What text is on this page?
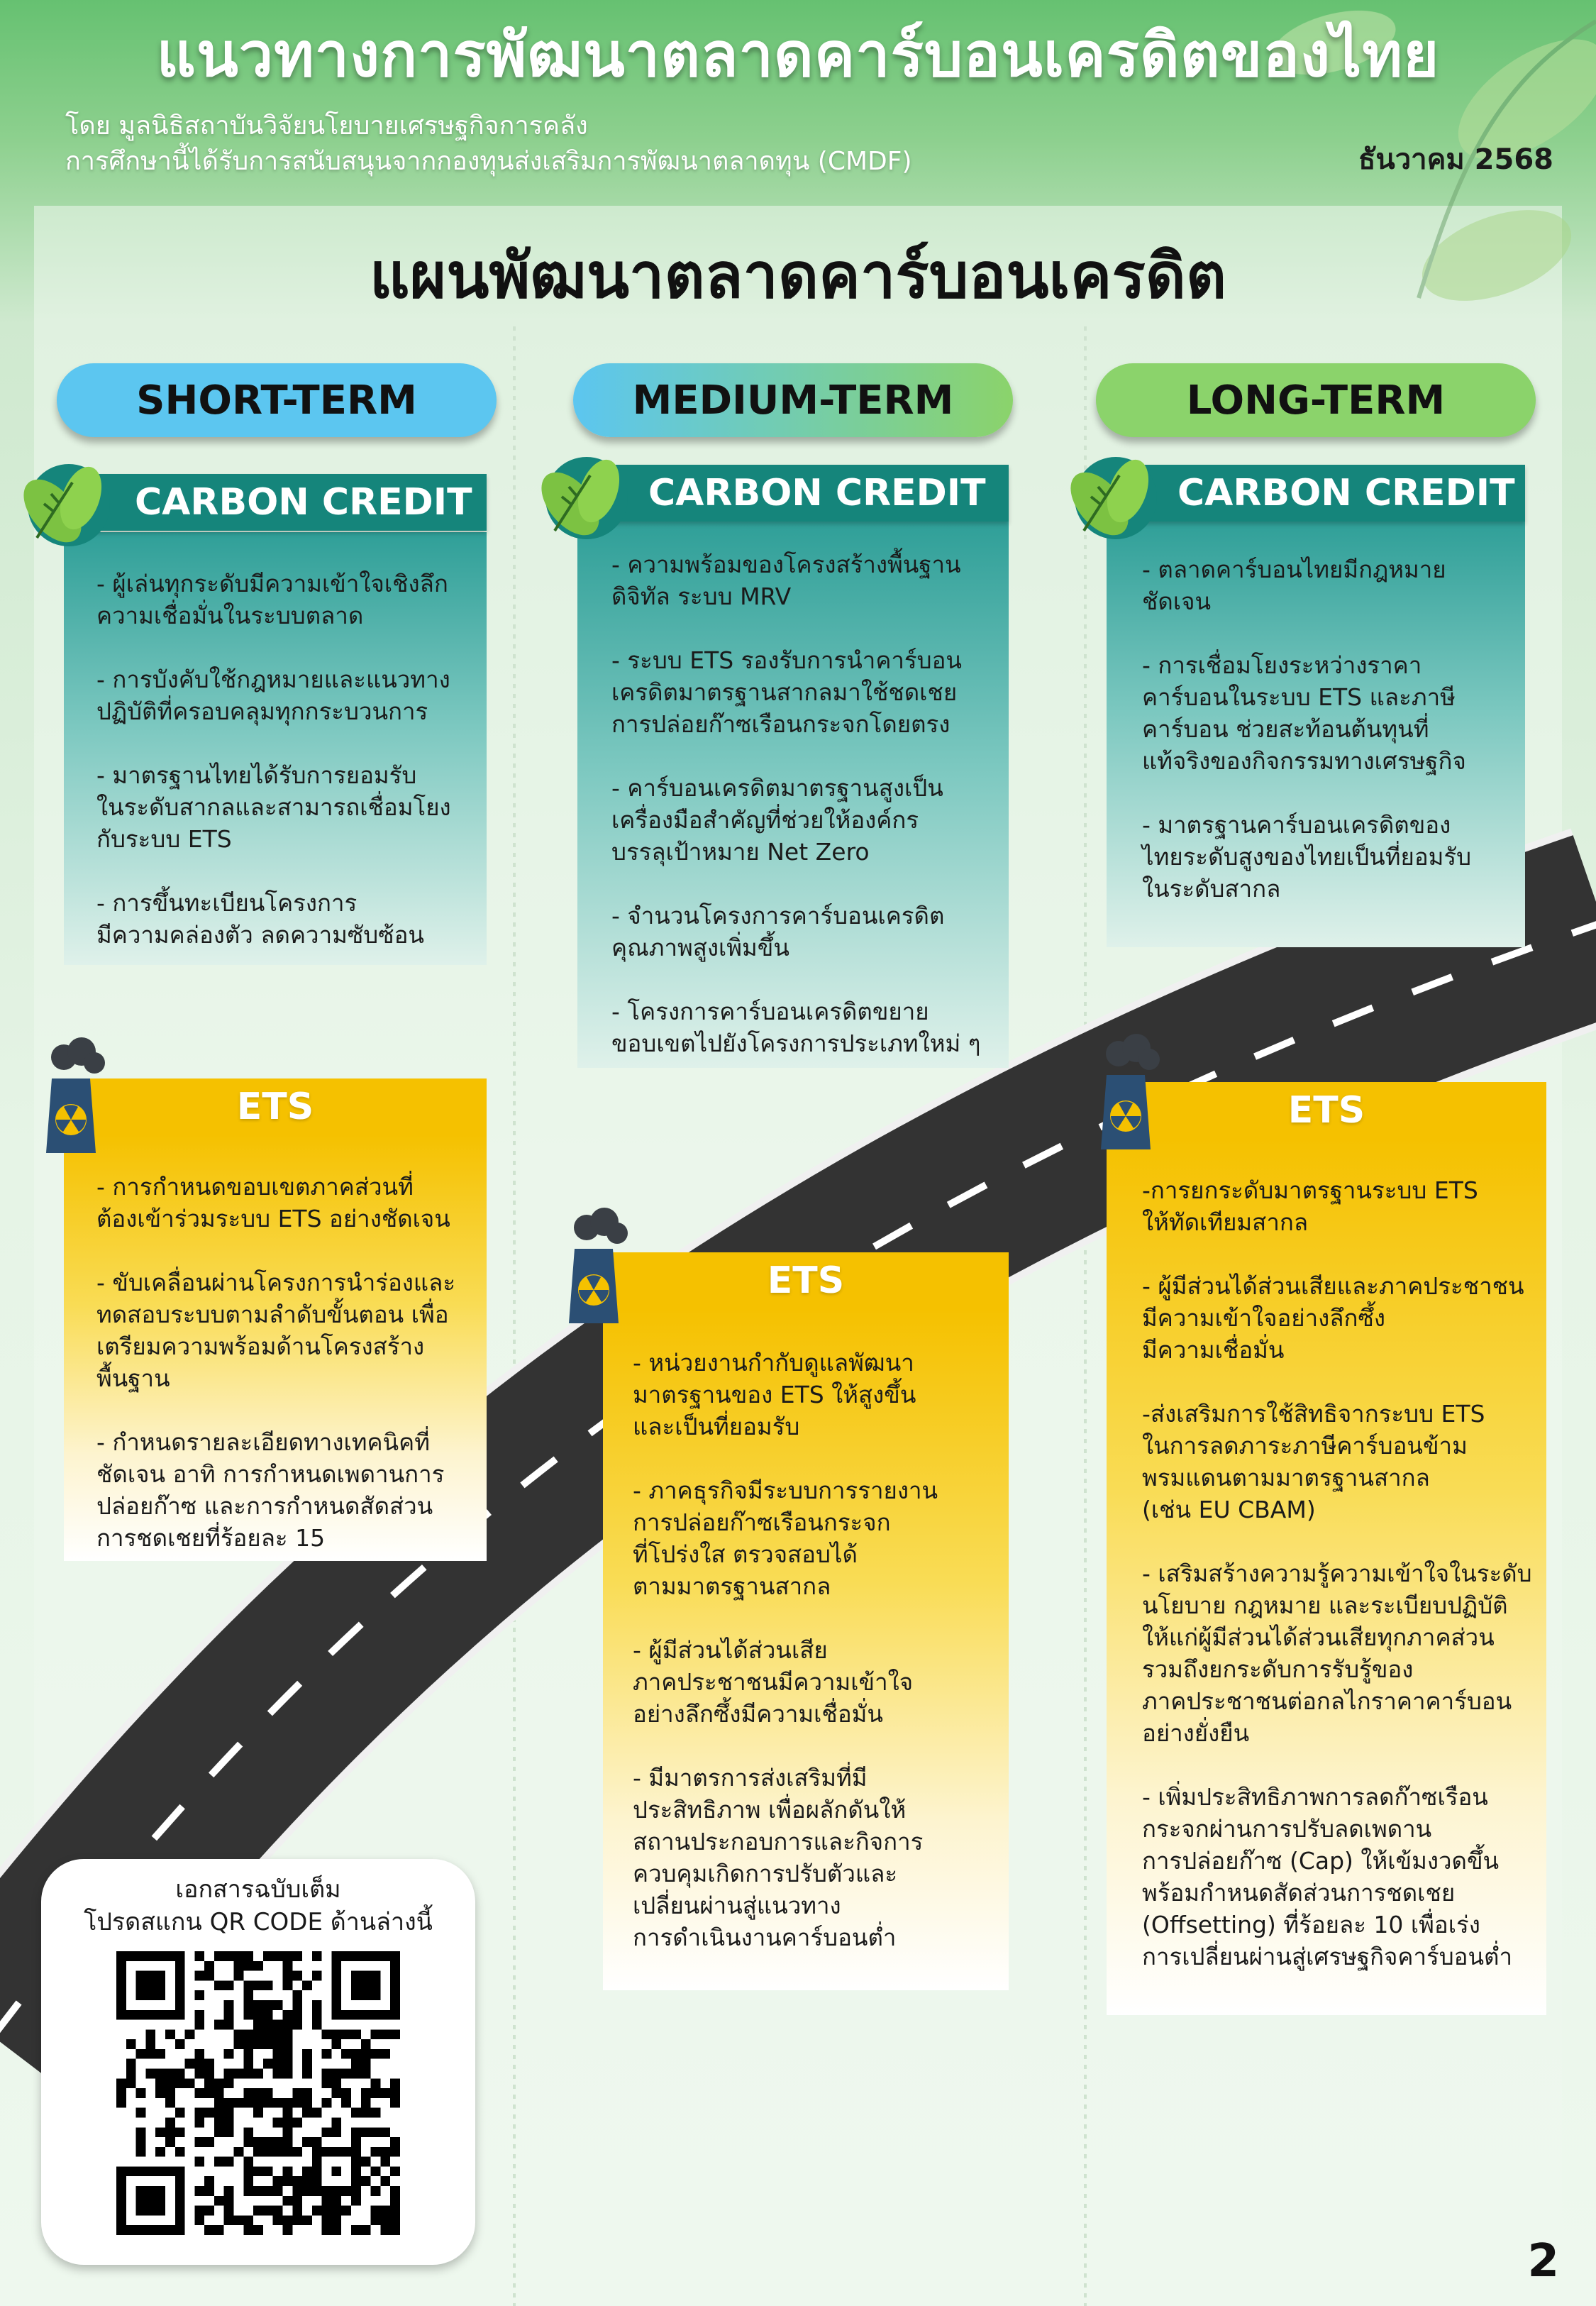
แนวทางการพัฒนาตลาดคาร์บอนเครดิตของไทย
โดย มูลนิธิสถาบันวิจัยนโยบายเศรษฐกิจการคลัง
การศึกษานี้ได้รับการสนับสนุนจากกองทุนส่งเสริมการพัฒนาตลาดทุน (CMDF)	ธันวาคม 2568
แผนพัฒนาตลาดคาร์บอนเครดิต
SHORT-TERM	MEDIUM-TERM	LONG-TERM
CARBON CREDIT

- ผู้เล่นทุกระดับมีความเข้าใจเชิงลึก
ความเชื่อมั่นในระบบตลาด

- การบังคับใช้กฎหมายและแนวทาง
ปฏิบัติที่ครอบคลุมทุกกระบวนการ

- มาตรฐานไทยได้รับการยอมรับ
ในระดับสากลและสามารถเชื่อมโยง
กับระบบ ETS

- การขึ้นทะเบียนโครงการ
มีความคล่องตัว ลดความซับซ้อน

ETS

- การกำหนดขอบเขตภาคส่วนที่
ต้องเข้าร่วมระบบ ETS อย่างชัดเจน

- ขับเคลื่อนผ่านโครงการนำร่องและ
ทดสอบระบบตามลำดับขั้นตอน เพื่อ
เตรียมความพร้อมด้านโครงสร้าง
พื้นฐาน

- กำหนดรายละเอียดทางเทคนิคที่
ชัดเจน อาทิ การกำหนดเพดานการ
ปล่อยก๊าซ และการกำหนดสัดส่วน
การชดเชยที่ร้อยละ 15

CARBON CREDIT

- ความพร้อมของโครงสร้างพื้นฐาน
ดิจิทัล ระบบ MRV

- ระบบ ETS รองรับการนำคาร์บอน
เครดิตมาตรฐานสากลมาใช้ชดเชย
การปล่อยก๊าซเรือนกระจกโดยตรง

- คาร์บอนเครดิตมาตรฐานสูงเป็น
เครื่องมือสำคัญที่ช่วยให้องค์กร
บรรลุเป้าหมาย Net Zero

- จำนวนโครงการคาร์บอนเครดิต
คุณภาพสูงเพิ่มขึ้น

- โครงการคาร์บอนเครดิตขยาย
ขอบเขตไปยังโครงการประเภทใหม่ ๆ

ETS

- หน่วยงานกำกับดูแลพัฒนา
มาตรฐานของ ETS ให้สูงขึ้น
และเป็นที่ยอมรับ

- ภาคธุรกิจมีระบบการรายงาน
การปล่อยก๊าซเรือนกระจก
ที่โปร่งใส ตรวจสอบได้
ตามมาตรฐานสากล

- ผู้มีส่วนได้ส่วนเสีย
ภาคประชาชนมีความเข้าใจ
อย่างลึกซึ้งมีความเชื่อมั่น

- มีมาตรการส่งเสริมที่มี
ประสิทธิภาพ เพื่อผลักดันให้
สถานประกอบการและกิจการ
ควบคุมเกิดการปรับตัวและ
เปลี่ยนผ่านสู่แนวทาง
การดำเนินงานคาร์บอนต่ำ

CARBON CREDIT

- ตลาดคาร์บอนไทยมีกฎหมาย
ชัดเจน

- การเชื่อมโยงระหว่างราคา
คาร์บอนในระบบ ETS และภาษี
คาร์บอน ช่วยสะท้อนต้นทุนที่
แท้จริงของกิจกรรมทางเศรษฐกิจ

- มาตรฐานคาร์บอนเครดิตของ
ไทยระดับสูงของไทยเป็นที่ยอมรับ
ในระดับสากล

ETS

-การยกระดับมาตรฐานระบบ ETS
ให้ทัดเทียมสากล

- ผู้มีส่วนได้ส่วนเสียและภาคประชาชน
มีความเข้าใจอย่างลึกซึ้ง
มีความเชื่อมั่น

-ส่งเสริมการใช้สิทธิจากระบบ ETS
ในการลดภาระภาษีคาร์บอนข้าม
พรมแดนตามมาตรฐานสากล
(เช่น EU CBAM)

- เสริมสร้างความรู้ความเข้าใจในระดับ
นโยบาย กฎหมาย และระเบียบปฏิบัติ
ให้แก่ผู้มีส่วนได้ส่วนเสียทุกภาคส่วน
รวมถึงยกระดับการรับรู้ของ
ภาคประชาชนต่อกลไกราคาคาร์บอน
อย่างยั่งยืน

- เพิ่มประสิทธิภาพการลดก๊าซเรือน
กระจกผ่านการปรับลดเพดาน
การปล่อยก๊าซ (Cap) ให้เข้มงวดขึ้น
พร้อมกำหนดสัดส่วนการชดเชย
(Offsetting) ที่ร้อยละ 10 เพื่อเร่ง
การเปลี่ยนผ่านสู่เศรษฐกิจคาร์บอนต่ำ

เอกสารฉบับเต็ม
โปรดสแกน QR CODE ด้านล่างนี้
2
